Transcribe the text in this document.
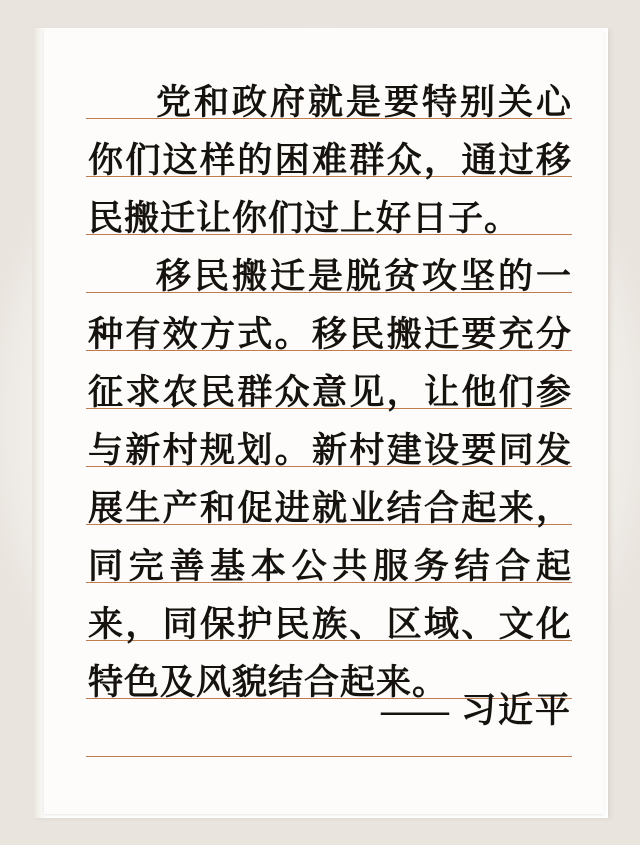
党和政府就是要特别关心你们这样的困难群众，通过移民搬迁让你们过上好日子。

移民搬迁是脱贫攻坚的一种有效方式。移民搬迁要充分征求农民群众意见，让他们参与新村规划。新村建设要同发展生产和促进就业结合起来，同完善基本公共服务结合起来，同保护民族、区域、文化特色及风貌结合起来。

—— 习近平
